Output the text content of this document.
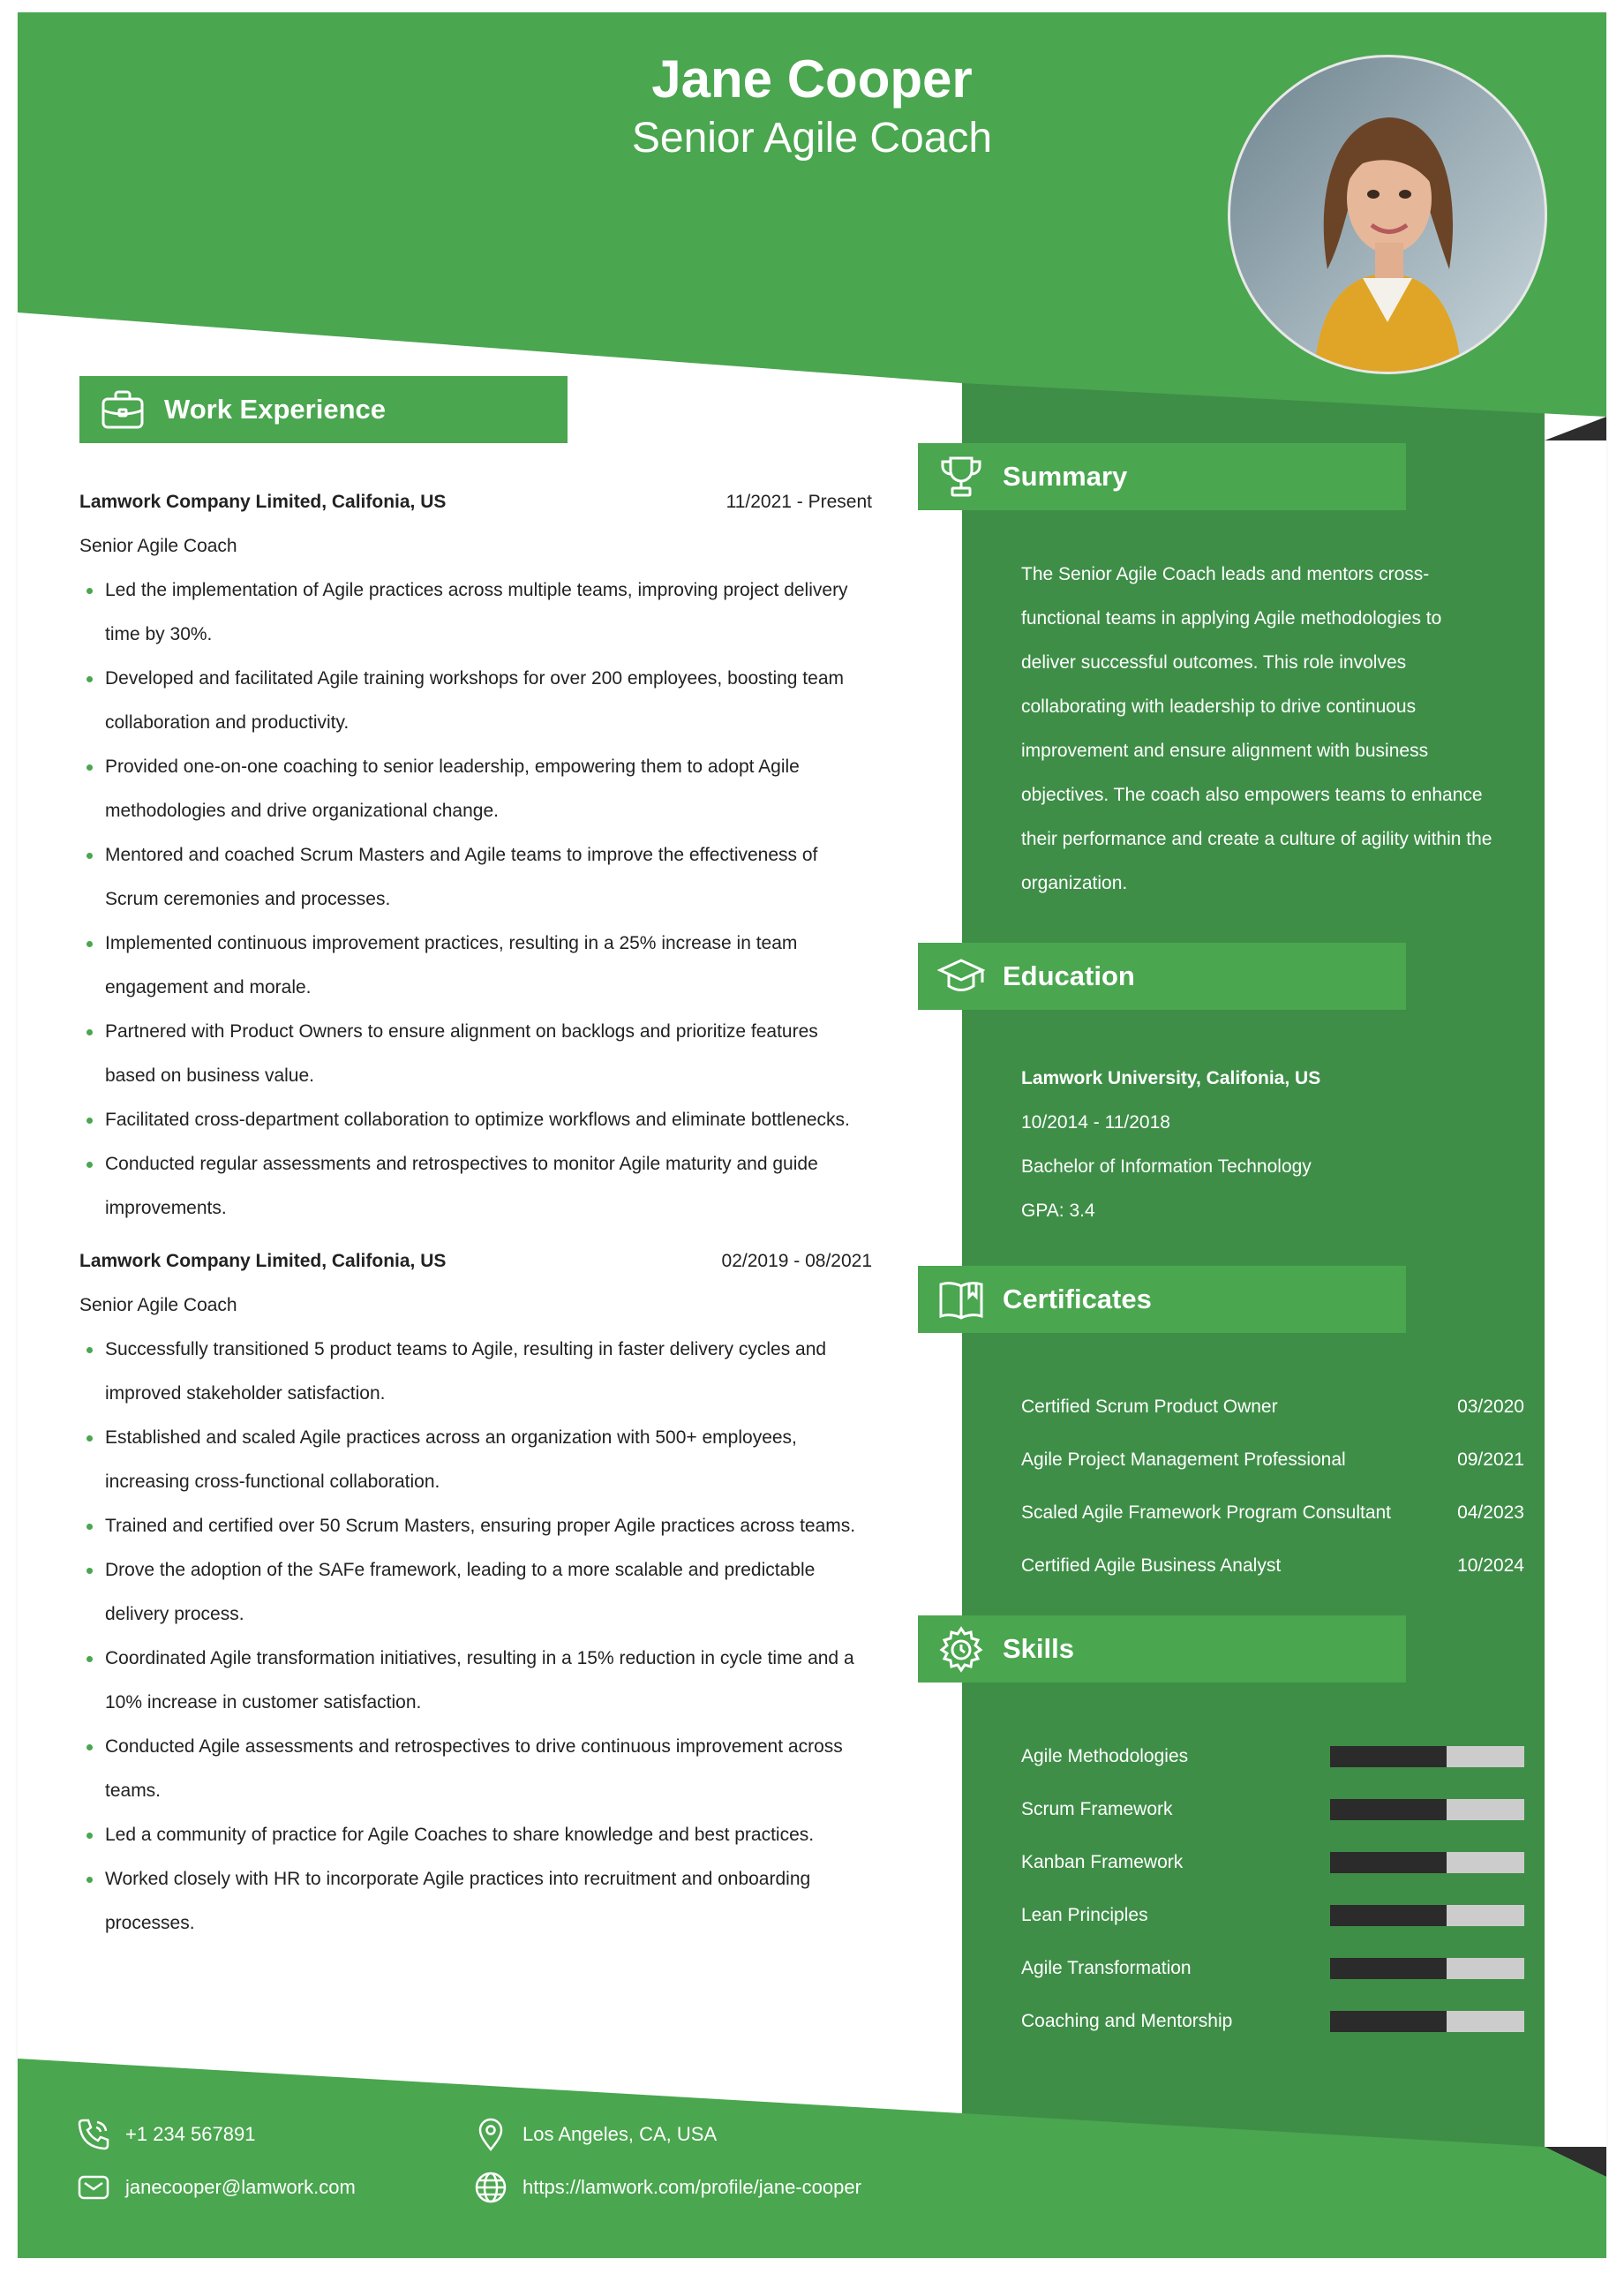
Jane Cooper
Senior Agile Coach
Work Experience
Summary
Education
Certificates
Skills
Lamwork Company Limited, Califonia, US	11/2021 - Present
Senior Agile Coach
Led the implementation of Agile practices across multiple teams, improving project delivery time by 30%.
Developed and facilitated Agile training workshops for over 200 employees, boosting team collaboration and productivity.
Provided one-on-one coaching to senior leadership, empowering them to adopt Agile methodologies and drive organizational change.
Mentored and coached Scrum Masters and Agile teams to improve the effectiveness of Scrum ceremonies and processes.
Implemented continuous improvement practices, resulting in a 25% increase in team engagement and morale.
Partnered with Product Owners to ensure alignment on backlogs and prioritize features based on business value.
Facilitated cross-department collaboration to optimize workflows and eliminate bottlenecks.
Conducted regular assessments and retrospectives to monitor Agile maturity and guide improvements.
Lamwork Company Limited, Califonia, US	02/2019 - 08/2021
Senior Agile Coach
Successfully transitioned 5 product teams to Agile, resulting in faster delivery cycles and improved stakeholder satisfaction.
Established and scaled Agile practices across an organization with 500+ employees, increasing cross-functional collaboration.
Trained and certified over 50 Scrum Masters, ensuring proper Agile practices across teams.
Drove the adoption of the SAFe framework, leading to a more scalable and predictable delivery process.
Coordinated Agile transformation initiatives, resulting in a 15% reduction in cycle time and a 10% increase in customer satisfaction.
Conducted Agile assessments and retrospectives to drive continuous improvement across teams.
Led a community of practice for Agile Coaches to share knowledge and best practices.
Worked closely with HR to incorporate Agile practices into recruitment and onboarding processes.
The Senior Agile Coach leads and mentors cross-
functional teams in applying Agile methodologies to
deliver successful outcomes. This role involves
collaborating with leadership to drive continuous
improvement and ensure alignment with business
objectives. The coach also empowers teams to enhance
their performance and create a culture of agility within the
organization.
Lamwork University, Califonia, US
10/2014 - 11/2018
Bachelor of Information Technology
GPA: 3.4
Certified Scrum Product Owner	03/2020
Agile Project Management Professional	09/2021
Scaled Agile Framework Program Consultant	04/2023
Certified Agile Business Analyst	10/2024
Agile Methodologies
Scrum Framework
Kanban Framework
Lean Principles
Agile Transformation
Coaching and Mentorship
+1 234 567891	Los Angeles, CA, USA
janecooper@lamwork.com	https://lamwork.com/profile/jane-cooper
